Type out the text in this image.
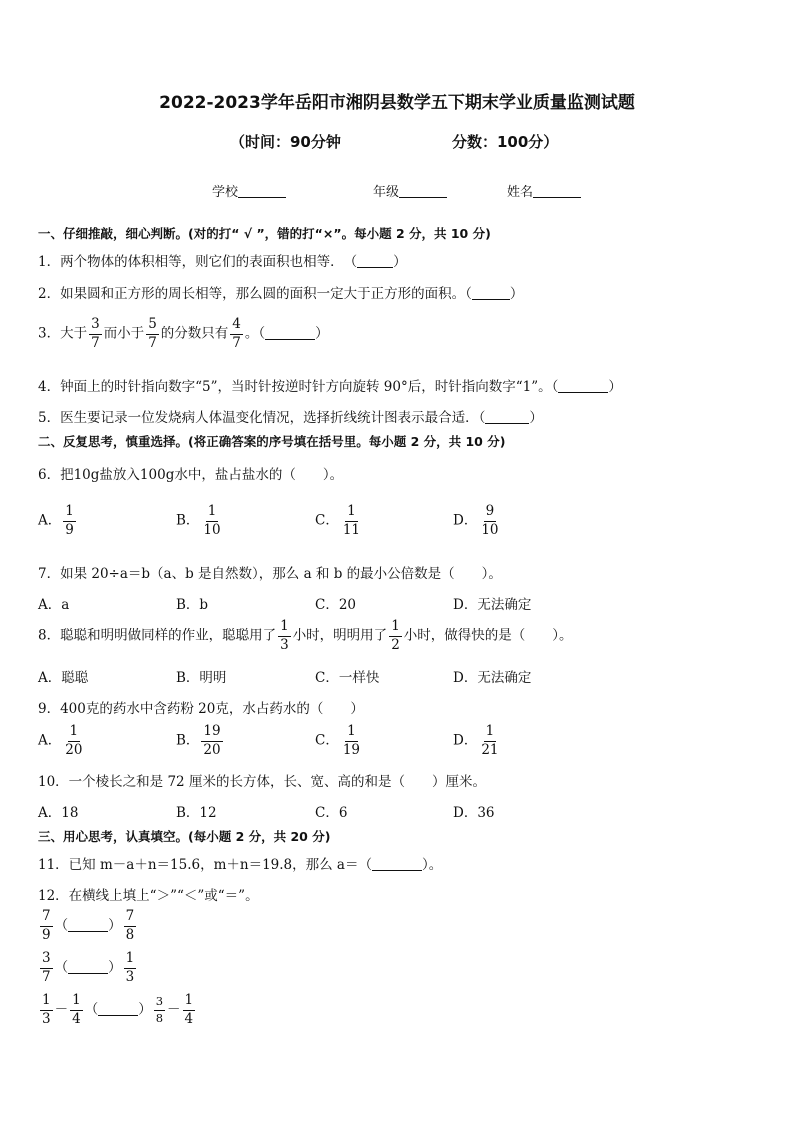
2022-2023学年岳阳市湘阴县数学五下期末学业质量监测试题
（时间：90分钟	分数：100分）
学校	年级	姓名
一、仔细推敲，细心判断。(对的打“ √ ”，错的打“×”。每小题 2 分，共 10 分)
1．两个物体的体积相等，则它们的表面积也相等．　（	）
2．如果圆和正方形的周长相等，那么圆的面积一定大于正方形的面积。（	）
3．大于 $\frac{3}{7}$ 而小于 $\frac{5}{7}$ 的分数只有 $\frac{4}{7}$ 。（	）
4．钟面上的时针指向数字“5”，当时针按逆时针方向旋转 90°后，时针指向数字“1”。（	）
5．医生要记录一位发烧病人体温变化情况，选择折线统计图表示最合适．（	）
二、反复思考，慎重选择。(将正确答案的序号填在括号里。每小题 2 分，共 10 分)
6．把10g盐放入100g水中，盐占盐水的（　　）。
A． $\frac{1}{9}$	B． $\frac{1}{10}$	C． $\frac{1}{11}$	D． $\frac{9}{10}$
7．如果 20÷a＝b（a、b 是自然数），那么 a 和 b 的最小公倍数是（　　）。
A．a	B．b	C．20	D．无法确定
8．聪聪和明明做同样的作业，聪聪用了 $\frac{1}{3}$ 小时，明明用了 $\frac{1}{2}$ 小时，做得快的是（　　）。
A．聪聪	B．明明	C．一样快	D．无法确定
9．400克的药水中含药粉 20克，水占药水的（　　）
A． $\frac{1}{20}$	B． $\frac{19}{20}$	C． $\frac{1}{19}$	D． $\frac{1}{21}$
10．一个棱长之和是 72 厘米的长方体，长、宽、高的和是（　　）厘米。
A．18	B．12	C．6	D．36
三、用心思考，认真填空。(每小题 2 分，共 20 分)
11．已知 m－a＋n＝15.6，m＋n＝19.8，那么 a＝（	）。
12．在横线上填上“＞”“＜”或“＝”。
$\frac{7}{9}$ （	） $\frac{7}{8}$
$\frac{3}{7}$ （	） $\frac{1}{3}$
$\frac{1}{3} - \frac{1}{4}$ （	） $\frac{3}{8} - \frac{1}{4}$
